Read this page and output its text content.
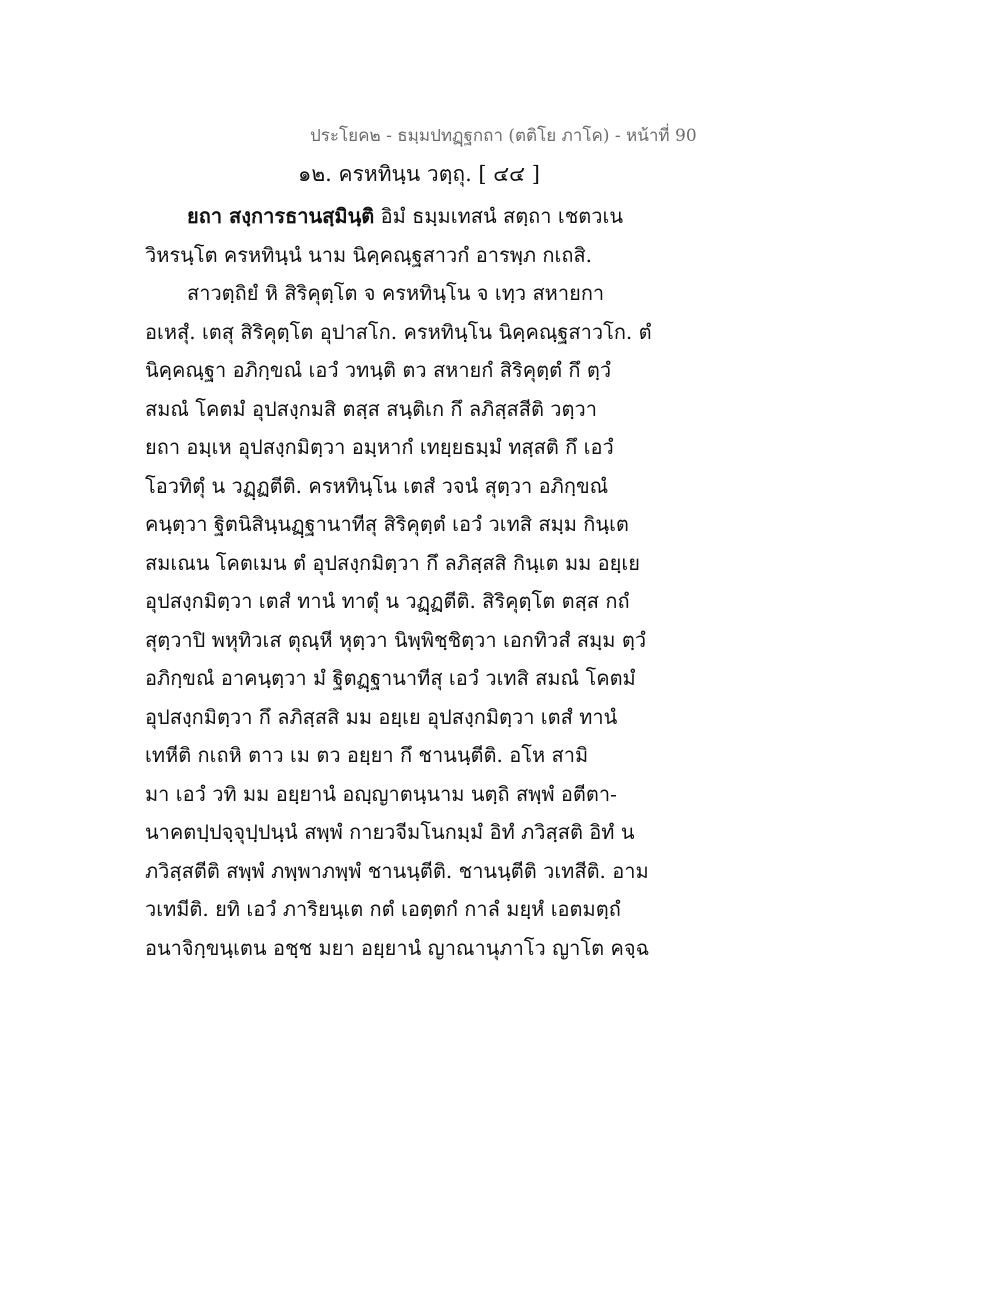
ประโยค๒ - ธมฺมปทฏฺฐกถา (ตติโย ภาโค) - หน้าที่ 90
๑๒. ครหทินฺน วตฺถุ. [ ๔๔ ]
ยถา สงฺการธานสฺมินฺติ อิมํ ธมฺมเทสนํ สตฺถา เชตวเน
วิหรนฺโต ครหทินฺนํ นาม นิคฺคณฺฐสาวกํ อารพฺภ กเถสิ.
สาวตฺถิยํ หิ สิริคุตฺโต จ ครหทินฺโน จ เทฺว สหายกา
อเหสุํ. เตสุ สิริคุตฺโต อุปาสโก. ครหทินฺโน นิคฺคณฺฐสาวโก. ตํ
นิคฺคณฺฐา อภิกฺขณํ เอวํ วทนฺติ ตว สหายกํ สิริคุตฺตํ กึ ตฺวํ
สมณํ โคตมํ อุปสงฺกมสิ ตสฺส สนฺติเก กึ ลภิสฺสสีติ วตฺวา
ยถา อมฺเห อุปสงฺกมิตฺวา อมฺหากํ เทยฺยธมฺมํ ทสฺสติ กึ เอวํ
โอวทิตุํ น วฏฺฏตีติ. ครหทินฺโน เตสํ วจนํ สุตฺวา อภิกฺขณํ
คนฺตฺวา ฐิตนิสินฺนฏฺฐานาทีสุ สิริคุตฺตํ เอวํ วเทสิ สมฺม กินฺเต
สมเณน โคตเมน ตํ อุปสงฺกมิตฺวา กึ ลภิสฺสสิ กินฺเต มม อยฺเย
อุปสงฺกมิตฺวา เตสํ ทานํ ทาตุํ น วฏฺฏตีติ. สิริคุตฺโต ตสฺส กถํ
สุตฺวาปิ พหุทิวเส ตุณฺหี หุตฺวา นิพฺพิชฺชิตฺวา เอกทิวสํ สมฺม ตฺวํ
อภิกฺขณํ อาคนฺตฺวา มํ ฐิตฏฺฐานาทีสุ เอวํ วเทสิ สมณํ โคตมํ
อุปสงฺกมิตฺวา กึ ลภิสฺสสิ มม อยฺเย อุปสงฺกมิตฺวา เตสํ ทานํ
เทหีติ กเถหิ ตาว เม ตว อยฺยา กึ ชานนฺตีติ. อโห สามิ
มา เอวํ วทิ มม อยฺยานํ อญฺญาตนฺนาม นตฺถิ สพฺพํ อตีตา-
นาคตปฺปจฺจุปฺปนฺนํ สพฺพํ กายวจีมโนกมฺมํ อิทํ ภวิสฺสติ อิทํ น
ภวิสฺสตีติ สพฺพํ ภพฺพาภพฺพํ ชานนฺตีติ. ชานนฺตีติ วเทสีติ. อาม
วเทมีติ. ยทิ เอวํ ภาริยนฺเต กตํ เอตฺตกํ กาลํ มยฺหํ เอตมตฺถํ
อนาจิกฺขนฺเตน อชฺช มยา อยฺยานํ ญาณานุภาโว ญาโต คจฺฉ
